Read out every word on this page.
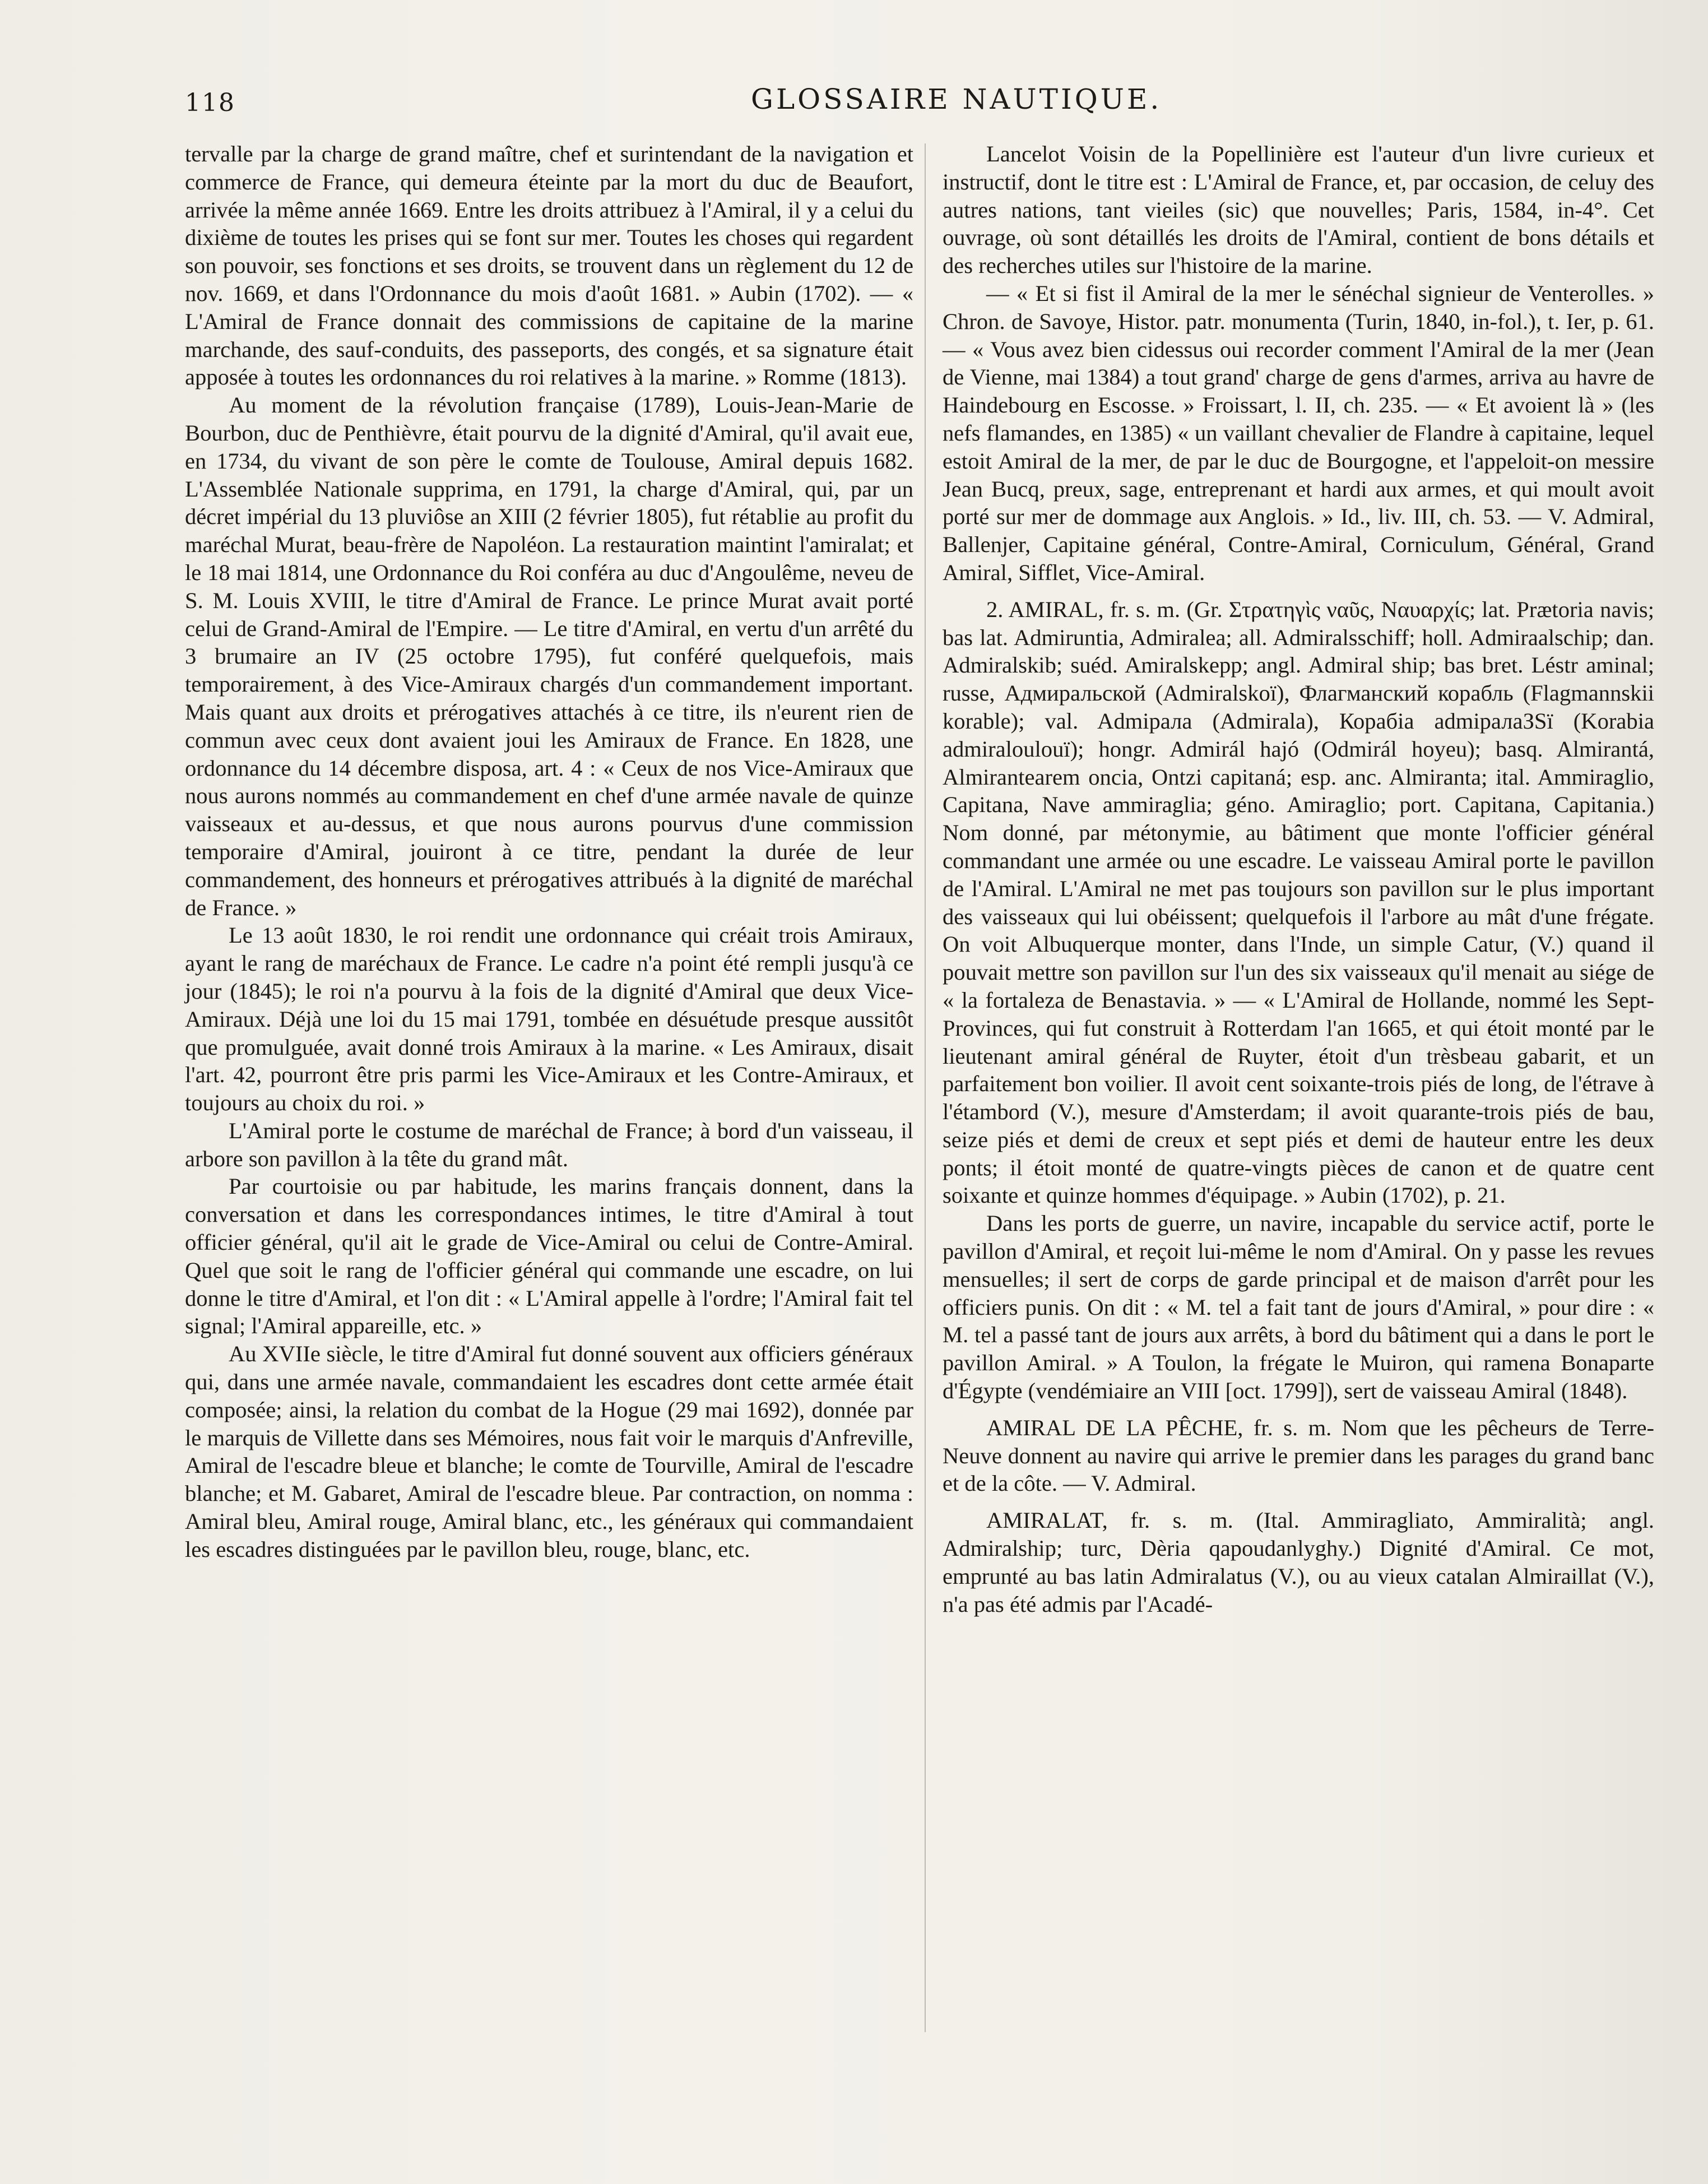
118	GLOSSAIRE NAUTIQUE.

tervalle par la charge de grand maître, chef et surintendant de la navigation et commerce de France, qui demeura éteinte par la mort du duc de Beaufort, arrivée la même année 1669. Entre les droits attribuez à l'Amiral, il y a celui du dixième de toutes les prises qui se font sur mer. Toutes les choses qui regardent son pouvoir, ses fonctions et ses droits, se trouvent dans un règlement du 12 de nov. 1669, et dans l'Ordonnance du mois d'août 1681. » Aubin (1702). — « L'Amiral de France donnait des commissions de capitaine de la marine marchande, des sauf-conduits, des passeports, des congés, et sa signature était apposée à toutes les ordonnances du roi relatives à la marine. » Romme (1813).

Au moment de la révolution française (1789), Louis-Jean-Marie de Bourbon, duc de Penthièvre, était pourvu de la dignité d'Amiral, qu'il avait eue, en 1734, du vivant de son père le comte de Toulouse, Amiral depuis 1682. L'Assemblée Nationale supprima, en 1791, la charge d'Amiral, qui, par un décret impérial du 13 pluviôse an XIII (2 février 1805), fut rétablie au profit du maréchal Murat, beau-frère de Napoléon. La restauration maintint l'amiralat; et le 18 mai 1814, une Ordonnance du Roi conféra au duc d'Angoulême, neveu de S. M. Louis XVIII, le titre d'Amiral de France. Le prince Murat avait porté celui de Grand-Amiral de l'Empire. — Le titre d'Amiral, en vertu d'un arrêté du 3 brumaire an IV (25 octobre 1795), fut conféré quelquefois, mais temporairement, à des Vice-Amiraux chargés d'un commandement important. Mais quant aux droits et prérogatives attachés à ce titre, ils n'eurent rien de commun avec ceux dont avaient joui les Amiraux de France. En 1828, une ordonnance du 14 décembre disposa, art. 4 : « Ceux de nos Vice-Amiraux que nous aurons nommés au commandement en chef d'une armée navale de quinze vaisseaux et au-dessus, et que nous aurons pourvus d'une commission temporaire d'Amiral, jouiront à ce titre, pendant la durée de leur commandement, des honneurs et prérogatives attribués à la dignité de maréchal de France. »

Le 13 août 1830, le roi rendit une ordonnance qui créait trois Amiraux, ayant le rang de maréchaux de France. Le cadre n'a point été rempli jusqu'à ce jour (1845); le roi n'a pourvu à la fois de la dignité d'Amiral que deux Vice-Amiraux. Déjà une loi du 15 mai 1791, tombée en désuétude presque aussitôt que promulguée, avait donné trois Amiraux à la marine. « Les Amiraux, disait l'art. 42, pourront être pris parmi les Vice-Amiraux et les Contre-Amiraux, et toujours au choix du roi. »

L'Amiral porte le costume de maréchal de France; à bord d'un vaisseau, il arbore son pavillon à la tête du grand mât.

Par courtoisie ou par habitude, les marins français donnent, dans la conversation et dans les correspondances intimes, le titre d'Amiral à tout officier général, qu'il ait le grade de Vice-Amiral ou celui de Contre-Amiral. Quel que soit le rang de l'officier général qui commande une escadre, on lui donne le titre d'Amiral, et l'on dit : « L'Amiral appelle à l'ordre; l'Amiral fait tel signal; l'Amiral appareille, etc. »

Au XVIIe siècle, le titre d'Amiral fut donné souvent aux officiers généraux qui, dans une armée navale, commandaient les escadres dont cette armée était composée; ainsi, la relation du combat de la Hogue (29 mai 1692), donnée par le marquis de Villette dans ses Mémoires, nous fait voir le marquis d'Anfreville, Amiral de l'escadre bleue et blanche; le comte de Tourville, Amiral de l'escadre blanche; et M. Gabaret, Amiral de l'escadre bleue. Par contraction, on nomma : Amiral bleu, Amiral rouge, Amiral blanc, etc., les généraux qui commandaient les escadres distinguées par le pavillon bleu, rouge, blanc, etc.

Lancelot Voisin de la Popellinière est l'auteur d'un livre curieux et instructif, dont le titre est : L'Amiral de France, et, par occasion, de celuy des autres nations, tant vieiles (sic) que nouvelles; Paris, 1584, in-4°. Cet ouvrage, où sont détaillés les droits de l'Amiral, contient de bons détails et des recherches utiles sur l'histoire de la marine.

— « Et si fist il Amiral de la mer le sénéchal signieur de Venterolles. » Chron. de Savoye, Histor. patr. monumenta (Turin, 1840, in-fol.), t. Ier, p. 61. — « Vous avez bien cidessus oui recorder comment l'Amiral de la mer (Jean de Vienne, mai 1384) a tout grand' charge de gens d'armes, arriva au havre de Haindebourg en Escosse. » Froissart, l. II, ch. 235. — « Et avoient là » (les nefs flamandes, en 1385) « un vaillant chevalier de Flandre à capitaine, lequel estoit Amiral de la mer, de par le duc de Bourgogne, et l'appeloit-on messire Jean Bucq, preux, sage, entreprenant et hardi aux armes, et qui moult avoit porté sur mer de dommage aux Anglois. » Id., liv. III, ch. 53. — V. Admiral, Ballenjer, Capitaine général, Contre-Amiral, Corniculum, Général, Grand Amiral, Sifflet, Vice-Amiral.

2. AMIRAL, fr. s. m. (Gr. Στρατηγὶς ναῦς, Ναυαρχίς; lat. Prætoria navis; bas lat. Admiruntia, Admiralea; all. Admiralsschiff; holl. Admiraalschip; dan. Admiralskib; suéd. Amiralskepp; angl. Admiral ship; bas bret. Léstr aminal; russe, Адмиральской (Admiralskoï), Флагманский корабль (Flagmannskii korable); val. Admiрала (Admirala), Корабiа admiралаЗЅї (Korabia admiraloulouï); hongr. Admirál hajó (Odmirál hoyeu); basq. Almirantá, Almirantearem oncia, Ontzi capitaná; esp. anc. Almiranta; ital. Ammiraglio, Capitana, Nave ammiraglia; géno. Amiraglio; port. Capitana, Capitania.) Nom donné, par métonymie, au bâtiment que monte l'officier général commandant une armée ou une escadre. Le vaisseau Amiral porte le pavillon de l'Amiral. L'Amiral ne met pas toujours son pavillon sur le plus important des vaisseaux qui lui obéissent; quelquefois il l'arbore au mât d'une frégate. On voit Albuquerque monter, dans l'Inde, un simple Catur, (V.) quand il pouvait mettre son pavillon sur l'un des six vaisseaux qu'il menait au siége de « la fortaleza de Benastavia. » — « L'Amiral de Hollande, nommé les Sept-Provinces, qui fut construit à Rotterdam l'an 1665, et qui étoit monté par le lieutenant amiral général de Ruyter, étoit d'un trèsbeau gabarit, et un parfaitement bon voilier. Il avoit cent soixante-trois piés de long, de l'étrave à l'étambord (V.), mesure d'Amsterdam; il avoit quarante-trois piés de bau, seize piés et demi de creux et sept piés et demi de hauteur entre les deux ponts; il étoit monté de quatre-vingts pièces de canon et de quatre cent soixante et quinze hommes d'équipage. » Aubin (1702), p. 21.

Dans les ports de guerre, un navire, incapable du service actif, porte le pavillon d'Amiral, et reçoit lui-même le nom d'Amiral. On y passe les revues mensuelles; il sert de corps de garde principal et de maison d'arrêt pour les officiers punis. On dit : « M. tel a fait tant de jours d'Amiral, » pour dire : « M. tel a passé tant de jours aux arrêts, à bord du bâtiment qui a dans le port le pavillon Amiral. » A Toulon, la frégate le Muiron, qui ramena Bonaparte d'Égypte (vendémiaire an VIII [oct. 1799]), sert de vaisseau Amiral (1848).

AMIRAL DE LA PÊCHE, fr. s. m. Nom que les pêcheurs de Terre-Neuve donnent au navire qui arrive le premier dans les parages du grand banc et de la côte. — V. Admiral.

AMIRALAT, fr. s. m. (Ital. Ammiragliato, Ammiralità; angl. Admiralship; turc, Dèria qapoudanlyghy.) Dignité d'Amiral. Ce mot, emprunté au bas latin Admiralatus (V.), ou au vieux catalan Almiraillat (V.), n'a pas été admis par l'Acadé-
